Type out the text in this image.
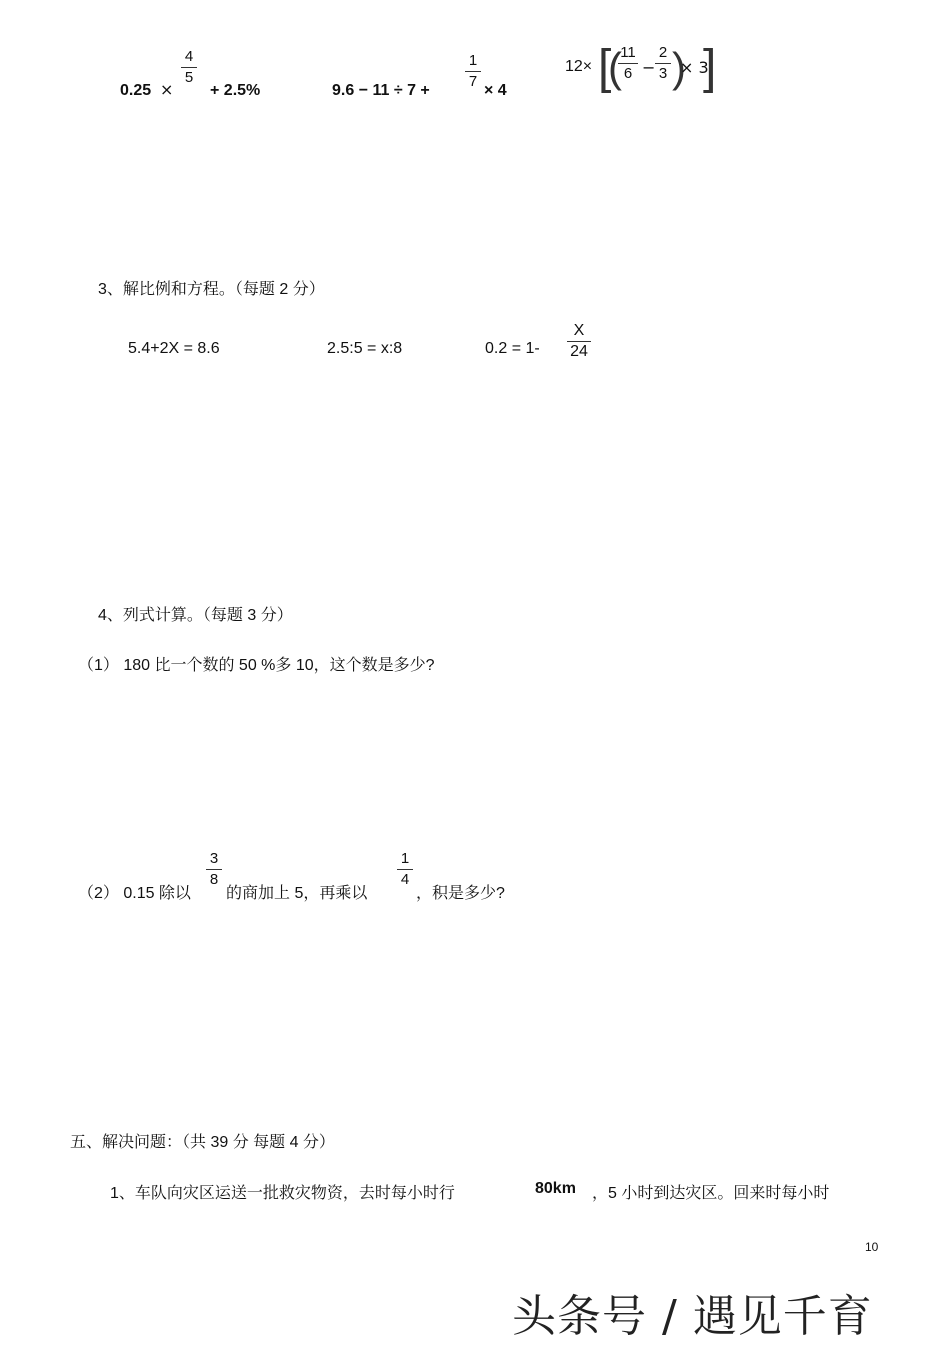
0.25 ×
4
5
+ 2.5%	9.6 − 11 ÷ 7 +
1
7
× 4
12× [
(
11
6 −
2
3 )
× 3
]
3、解比例和方程。（每题 2 分）
5.4+2X = 8.6	2.5:5 = x:8	0.2 = 1-
X
24
4、列式计算。（每题 3 分）
（1） 180 比一个数的 50 %多 10，这个数是多少?
（2） 0.15 除以
3
8
的商加上 5，再乘以
1
4
，积是多少?
五、解决问题：（共 39 分 每题 4 分）
1、车队向灾区运送一批救灾物资，去时每小时行	80km ，5 小时到达灾区。回来时每小时
10
头条号 / 遇见千育
